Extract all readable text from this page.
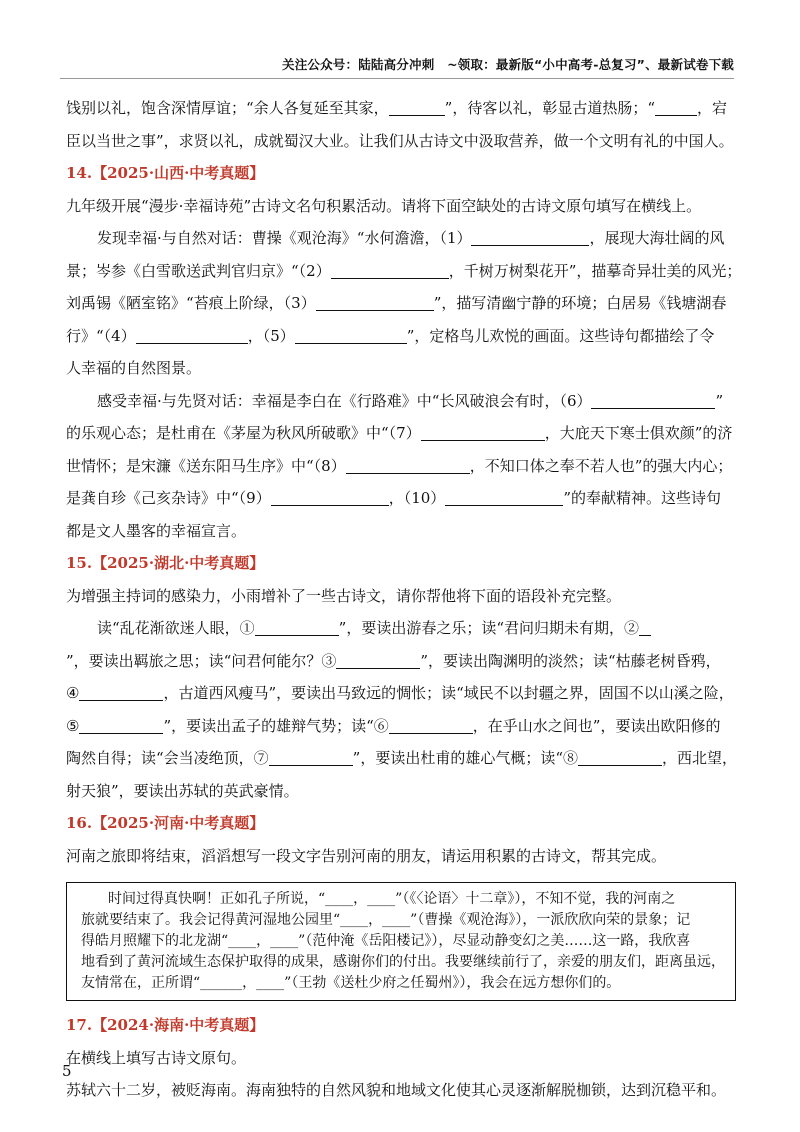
关注公众号：陆陆高分冲刺　~领取：最新版“小中高考-总复习”、最新试卷下载
饯别以礼，饱含深情厚谊；“余人各复延至其家，	”，待客以礼，彰显古道热肠；“	，宕
臣以当世之事”，求贤以礼，成就蜀汉大业。让我们从古诗文中汲取营养，做一个文明有礼的中国人。
14.【2025·山西·中考真题】
九年级开展“漫步·幸福诗苑”古诗文名句积累活动。请将下面空缺处的古诗文原句填写在横线上。
发现幸福·与自然对话：曹操《观沧海》“水何澹澹，（1）	，展现大海壮阔的风
景；岑参《白雪歌送武判官归京》“（2）	，千树万树梨花开”，描摹奇异壮美的风光；
刘禹锡《陋室铭》“苔痕上阶绿，（3）	”，描写清幽宁静的环境；白居易《钱塘湖春
行》“（4）	，（5）	”，定格鸟儿欢悦的画面。这些诗句都描绘了令
人幸福的自然图景。
感受幸福·与先贤对话：幸福是李白在《行路难》中“长风破浪会有时，（6）	”
的乐观心态；是杜甫在《茅屋为秋风所破歌》中“（7）	，大庇天下寒士俱欢颜”的济
世情怀；是宋濂《送东阳马生序》中“（8）	，不知口体之奉不若人也”的强大内心；
是龚自珍《己亥杂诗》中“（9）	，（10）	”的奉献精神。这些诗句
都是文人墨客的幸福宣言。
15.【2025·湖北·中考真题】
为增强主持词的感染力，小雨增补了一些古诗文，请你帮他将下面的语段补充完整。
读“乱花渐欲迷人眼，①	”，要读出游春之乐；读“君问归期未有期，②
”，要读出羁旅之思；读“问君何能尔？③	”，要读出陶渊明的淡然；读“枯藤老树昏鸦，
④	，古道西风瘦马”，要读出马致远的惆怅；读“域民不以封疆之界，固国不以山溪之险，
⑤	”，要读出孟子的雄辩气势；读“⑥	，在乎山水之间也”，要读出欧阳修的
陶然自得；读“会当凌绝顶，⑦	”，要读出杜甫的雄心气概；读“⑧	，西北望，
射天狼”，要读出苏轼的英武豪情。
16.【2025·河南·中考真题】
河南之旅即将结束，滔滔想写一段文字告别河南的朋友，请运用积累的古诗文，帮其完成。
时间过得真快啊！正如孔子所说，“____，____”（《〈论语〉十二章》），不知不觉，我的河南之
旅就要结束了。我会记得黄河湿地公园里“____，____”（曹操《观沧海》），一派欣欣向荣的景象；记
得皓月照耀下的北龙湖“____，____”（范仲淹《岳阳楼记》），尽显动静变幻之美……这一路，我欣喜
地看到了黄河流域生态保护取得的成果，感谢你们的付出。我要继续前行了，亲爱的朋友们，距离虽远，
友情常在，正所谓“______，____”（王勃《送杜少府之任蜀州》），我会在远方想你们的。
17.【2024·海南·中考真题】
在横线上填写古诗文原句。
苏轼六十二岁，被贬海南。海南独特的自然风貌和地域文化使其心灵逐渐解脱枷锁，达到沉稳平和。
5
